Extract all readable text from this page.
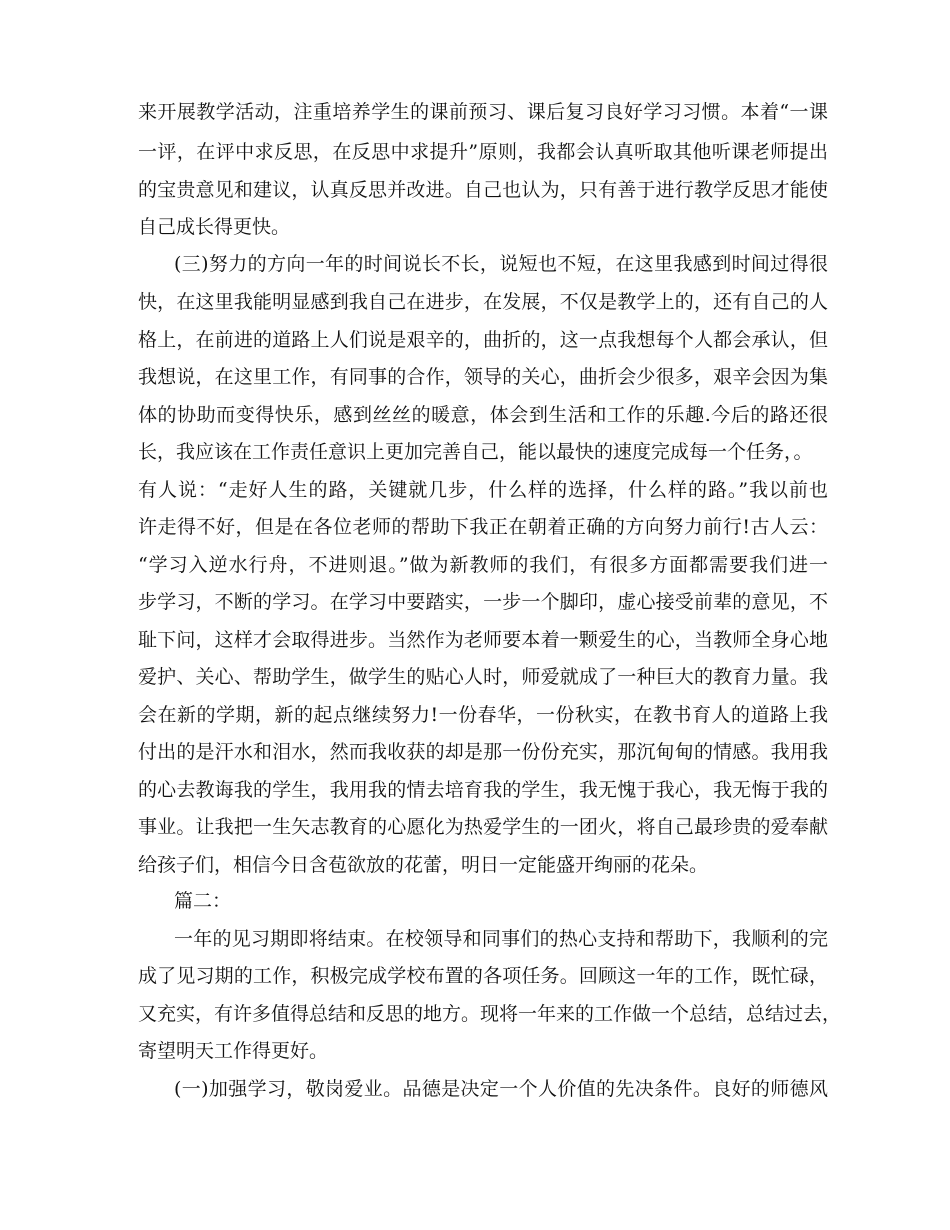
来开展教学活动，注重培养学生的课前预习、课后复习良好学习习惯。本着“一课
一评，在评中求反思，在反思中求提升”原则，我都会认真听取其他听课老师提出
的宝贵意见和建议，认真反思并改进。自己也认为，只有善于进行教学反思才能使
自己成长得更快。
(三)努力的方向一年的时间说长不长，说短也不短，在这里我感到时间过得很
快，在这里我能明显感到我自己在进步，在发展，不仅是教学上的，还有自己的人
格上，在前进的道路上人们说是艰辛的，曲折的，这一点我想每个人都会承认，但
我想说，在这里工作，有同事的合作，领导的关心，曲折会少很多，艰辛会因为集
体的协助而变得快乐，感到丝丝的暖意，体会到生活和工作的乐趣.今后的路还很
长，我应该在工作责任意识上更加完善自己，能以最快的速度完成每一个任务，。
有人说：“走好人生的路，关键就几步，什么样的选择，什么样的路。”我以前也
许走得不好，但是在各位老师的帮助下我正在朝着正确的方向努力前行!古人云：
“学习入逆水行舟，不进则退。”做为新教师的我们，有很多方面都需要我们进一
步学习，不断的学习。在学习中要踏实，一步一个脚印，虚心接受前辈的意见，不
耻下问，这样才会取得进步。当然作为老师要本着一颗爱生的心，当教师全身心地
爱护、关心、帮助学生，做学生的贴心人时，师爱就成了一种巨大的教育力量。我
会在新的学期，新的起点继续努力!一份春华，一份秋实，在教书育人的道路上我
付出的是汗水和泪水，然而我收获的却是那一份份充实，那沉甸甸的情感。我用我
的心去教诲我的学生，我用我的情去培育我的学生，我无愧于我心，我无悔于我的
事业。让我把一生矢志教育的心愿化为热爱学生的一团火，将自己最珍贵的爱奉献
给孩子们，相信今日含苞欲放的花蕾，明日一定能盛开绚丽的花朵。
篇二：
一年的见习期即将结束。在校领导和同事们的热心支持和帮助下，我顺利的完
成了见习期的工作，积极完成学校布置的各项任务。回顾这一年的工作，既忙碌，
又充实，有许多值得总结和反思的地方。现将一年来的工作做一个总结，总结过去，
寄望明天工作得更好。
(一)加强学习，敬岗爱业。品德是决定一个人价值的先决条件。良好的师德风
